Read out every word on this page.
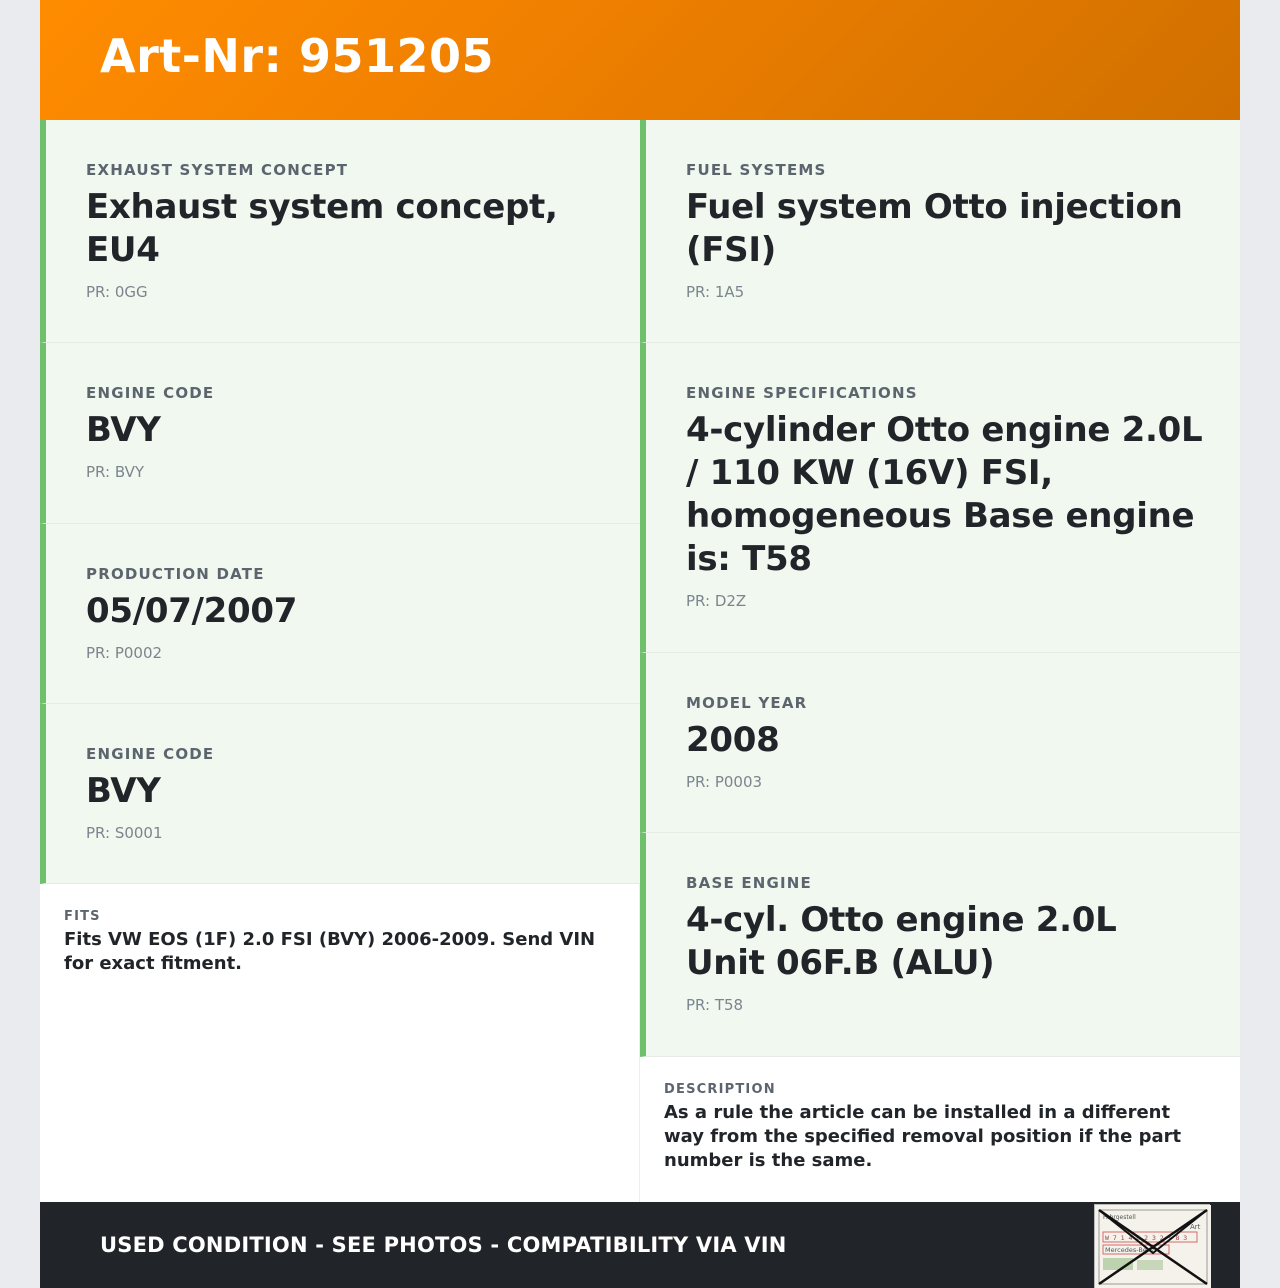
Art-Nr: 951205
EXHAUST SYSTEM CONCEPT
Exhaust system concept, EU4
PR: 0GG
ENGINE CODE
BVY
PR: BVY
PRODUCTION DATE
05/07/2007
PR: P0002
ENGINE CODE
BVY
PR: S0001
FUEL SYSTEMS
Fuel system Otto injection (FSI)
PR: 1A5
ENGINE SPECIFICATIONS
4-cylinder Otto engine 2.0L / 110 KW (16V) FSI, homogeneous Base engine is: T58
PR: D2Z
MODEL YEAR
2008
PR: P0003
BASE ENGINE
4-cyl. Otto engine 2.0L Unit 06F.B (ALU)
PR: T58
FITS
Fits VW EOS (1F) 2.0 FSI (BVY) 2006-2009. Send VIN for exact fitment.
DESCRIPTION
As a rule the article can be installed in a different way from the specified removal position if the part number is the same.
USED CONDITION - SEE PHOTOS - COMPATIBILITY VIA VIN
Fahrgestell
Art
W 7 1 4 6 2 3 2 1 8 3
Mercedes-Benz
